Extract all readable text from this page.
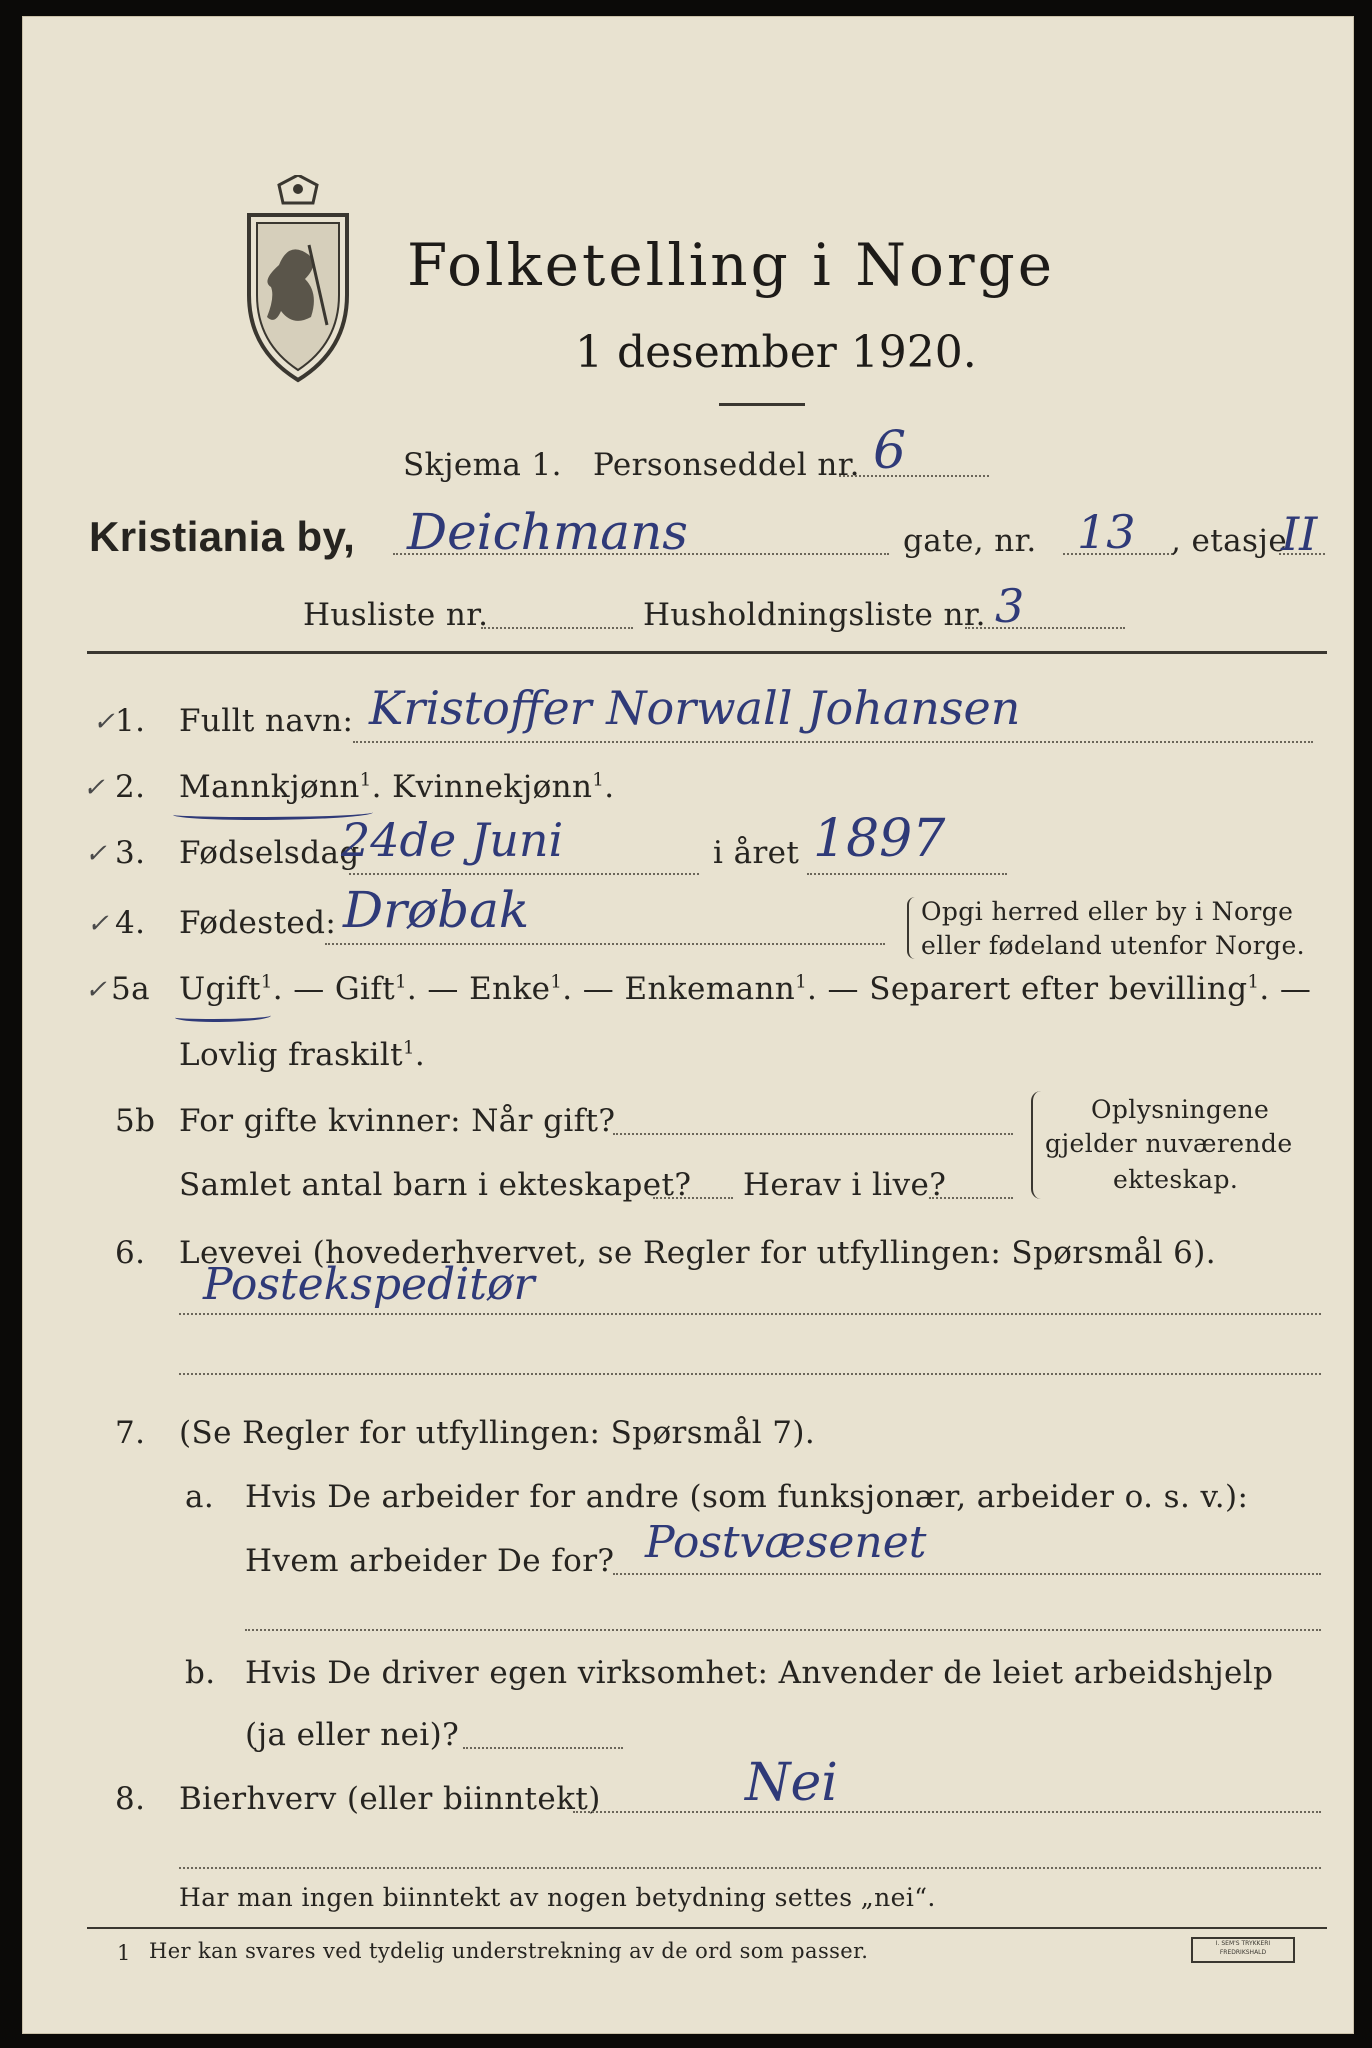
Folketelling i Norge
1 desember 1920.
Skjema 1. Personseddel nr. 6
Kristiania by, Deichmans	gate, nr. 13 , etasje
II
Husliste nr.	Husholdningsliste nr. 3
✓ 1. Fullt navn: Kristoffer Norwall Johansen
✓ 2. Mannkjønn$^1$. Kvinnekjønn$^1$.
✓ 3. Fødselsdag
24de Juni	i året 1897
✓ 4. Fødested: Drøbak	Opgi herred eller by i Norge
eller fødeland utenfor Norge.
✓ 5a Ugift$^1$. — Gift$^1$. — Enke$^1$. — Enkemann$^1$. — Separert efter bevilling$^1$. —
Lovlig fraskilt$^1$.
5b For gifte kvinner: Når gift?
Samlet antal barn i ekteskapet? Herav i live?
Oplysningene
gjelder nuværende
ekteskap.
6. Levevei (hovederhvervet, se Regler for utfyllingen: Spørsmål 6).
Postekspeditør
7. (Se Regler for utfyllingen: Spørsmål 7).
a. Hvis De arbeider for andre (som funksjonær, arbeider o. s. v.):
Hvem arbeider De for? Postvæsenet
b. Hvis De driver egen virksomhet: Anvender de leiet arbeidshjelp
(ja eller nei)?
8. Bierhverv (eller biinntekt)	Nei
Har man ingen biinntekt av nogen betydning settes „nei“.
1 Her kan svares ved tydelig understrekning av de ord som passer.	I. SEM'S TRYKKERI FREDRIKSHALD
